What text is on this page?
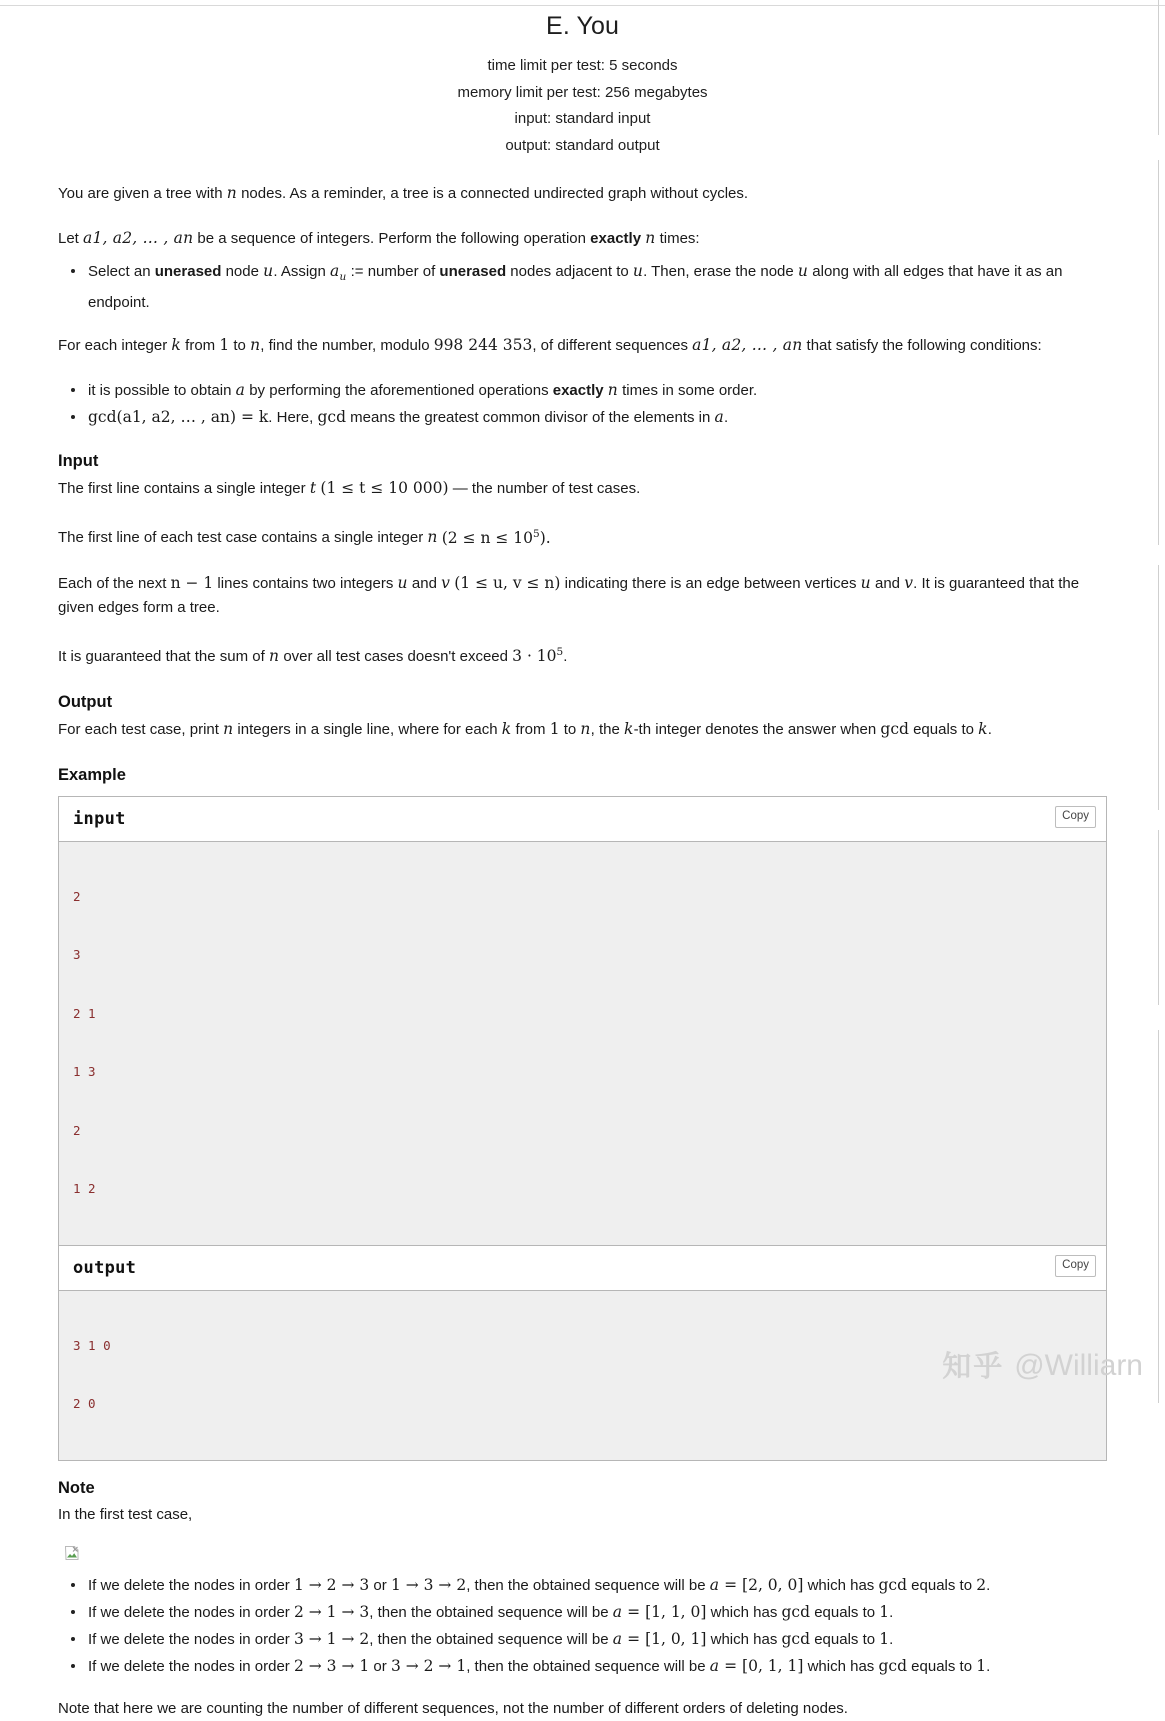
E. You
time limit per test: 5 seconds
memory limit per test: 256 megabytes
input: standard input
output: standard output

You are given a tree with n nodes. As a reminder, a tree is a connected undirected graph without cycles.

Let a1, a2, … , an be a sequence of integers. Perform the following operation exactly n times:

Select an unerased node u. Assign $a_u$ := number of unerased nodes adjacent to u. Then, erase the node u along with all edges that have it as an endpoint.

For each integer k from 1 to n, find the number, modulo 998 244 353, of different sequences a1, a2, … , an that satisfy the following conditions:

it is possible to obtain a by performing the aforementioned operations exactly n times in some order.
gcd(a1, a2, … , an) = k. Here, gcd means the greatest common divisor of the elements in a.
Input

The first line contains a single integer t (1 ≤ t ≤ 10 000) — the number of test cases.

The first line of each test case contains a single integer n $(2 \le n \le 10^5)$.

Each of the next n − 1 lines contains two integers u and v (1 ≤ u, v ≤ n) indicating there is an edge between vertices u and v. It is guaranteed that the given edges form a tree.

It is guaranteed that the sum of n over all test cases doesn't exceed $3 \cdot 10^5$.

Output

For each test case, print n integers in a single line, where for each k from 1 to n, the k-th integer denotes the answer when gcd equals to k.

Example
input	Copy

2

3

2 1

1 3

2

1 2

output	Copy

3 1 0

2 0

Note

In the first test case,

If we delete the nodes in order 1 → 2 → 3 or 1 → 3 → 2, then the obtained sequence will be a = [2, 0, 0] which has gcd equals to 2.
If we delete the nodes in order 2 → 1 → 3, then the obtained sequence will be a = [1, 1, 0] which has gcd equals to 1.
If we delete the nodes in order 3 → 1 → 2, then the obtained sequence will be a = [1, 0, 1] which has gcd equals to 1.
If we delete the nodes in order 2 → 3 → 1 or 3 → 2 → 1, then the obtained sequence will be a = [0, 1, 1] which has gcd equals to 1.

Note that here we are counting the number of different sequences, not the number of different orders of deleting nodes.

知乎 @Williarn
